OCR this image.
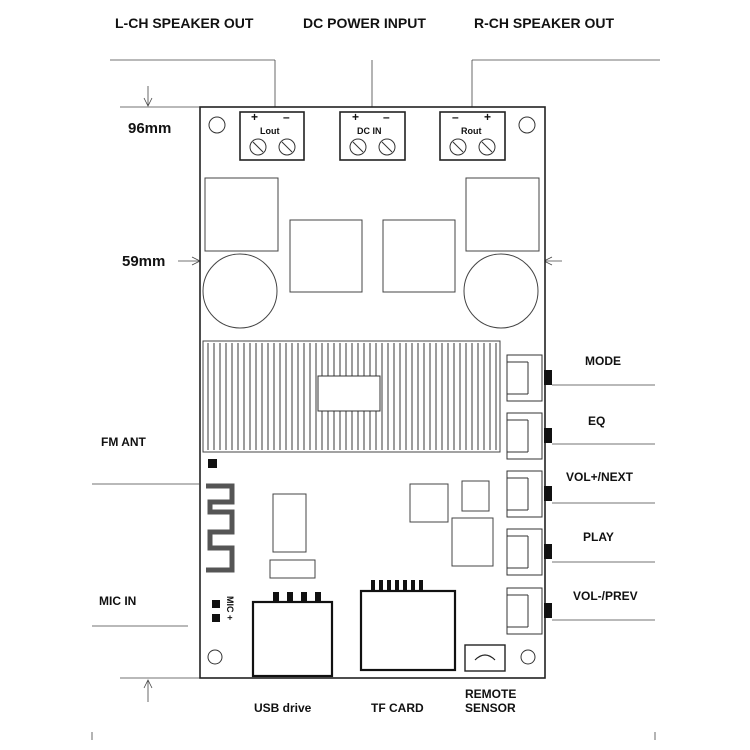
L-CH SPEAKER OUT	DC POWER INPUT	R-CH SPEAKER OUT
96mm
59mm
+ –
Lout
+ –
DC IN
– +
Rout
MIC +
MODE
EQ
VOL+/NEXT
PLAY
VOL-/PREV
FM ANT
MIC IN
USB drive	TF CARD
REMOTE
SENSOR
